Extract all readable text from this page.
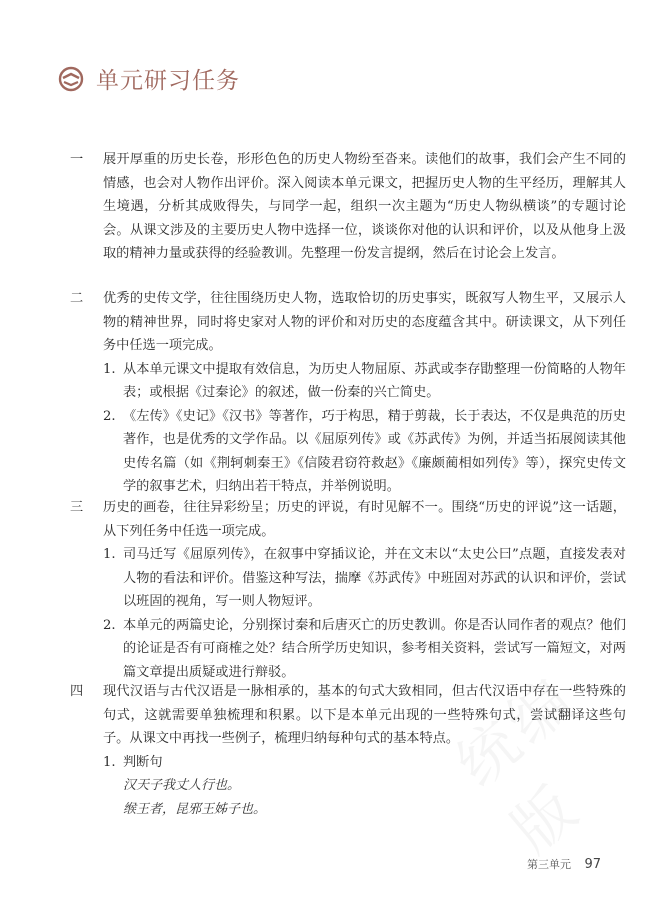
单元研习任务
一	展开厚重的历史长卷，形形色色的历史人物纷至沓来。读他们的故事，我们会产生不同的情感，也会对人物作出评价。深入阅读本单元课文，把握历史人物的生平经历，理解其人生境遇，分析其成败得失，与同学一起，组织一次主题为“历史人物纵横谈”的专题讨论会。从课文涉及的主要历史人物中选择一位，谈谈你对他的认识和评价，以及从他身上汲取的精神力量或获得的经验教训。先整理一份发言提纲，然后在讨论会上发言。
二	优秀的史传文学，往往围绕历史人物，选取恰切的历史事实，既叙写人物生平，又展示人物的精神世界，同时将史家对人物的评价和对历史的态度蕴含其中。研读课文，从下列任务中任选一项完成。
1. 从本单元课文中提取有效信息，为历史人物屈原、苏武或李存勖整理一份简略的人物年表；或根据《过秦论》的叙述，做一份秦的兴亡简史。
2. 《左传》《史记》《汉书》等著作，巧于构思，精于剪裁，长于表达，不仅是典范的历史著作，也是优秀的文学作品。以《屈原列传》或《苏武传》为例，并适当拓展阅读其他史传名篇（如《荆轲刺秦王》《信陵君窃符救赵》《廉颇蔺相如列传》等），探究史传文学的叙事艺术，归纳出若干特点，并举例说明。
三	历史的画卷，往往异彩纷呈；历史的评说，有时见解不一。围绕“历史的评说”这一话题，从下列任务中任选一项完成。
1. 司马迁写《屈原列传》，在叙事中穿插议论，并在文末以“太史公曰”点题，直接发表对人物的看法和评价。借鉴这种写法，揣摩《苏武传》中班固对苏武的认识和评价，尝试以班固的视角，写一则人物短评。
2. 本单元的两篇史论，分别探讨秦和后唐灭亡的历史教训。你是否认同作者的观点？他们的论证是否有可商榷之处？结合所学历史知识，参考相关资料，尝试写一篇短文，对两篇文章提出质疑或进行辩驳。
四	现代汉语与古代汉语是一脉相承的，基本的句式大致相同，但古代汉语中存在一些特殊的句式，这就需要单独梳理和积累。以下是本单元出现的一些特殊句式，尝试翻译这些句子。从课文中再找一些例子，梳理归纳每种句式的基本特点。
1. 判断句
汉天子我丈人行也。
缑王者，昆邪王姊子也。
第三单元 97
